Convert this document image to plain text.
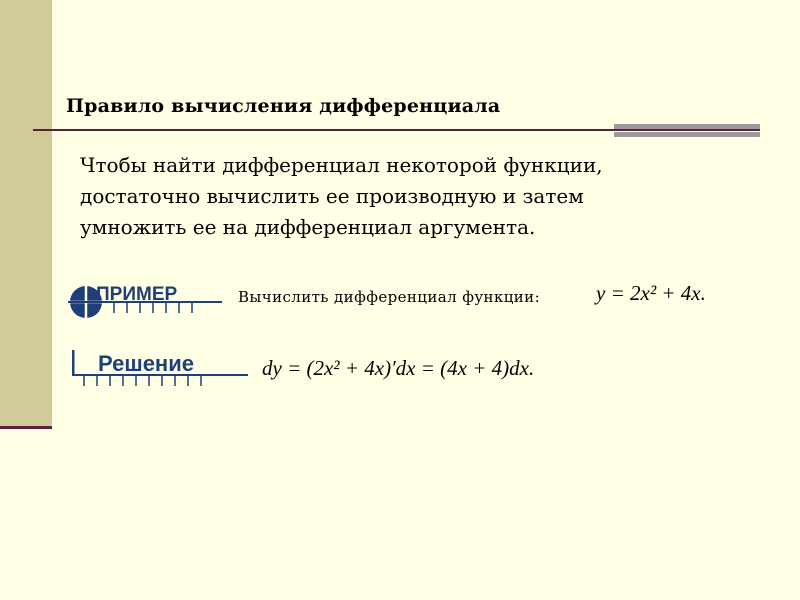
Правило вычисления дифференциала
Чтобы найти дифференциал некоторой функции,
достаточно вычислить ее производную и затем
умножить ее на дифференциал аргумента.
ПРИМЕР
Решение
Вычислить дифференциал функции:	y = 2x² + 4x.
dy = (2x² + 4x)′dx = (4x + 4)dx.
